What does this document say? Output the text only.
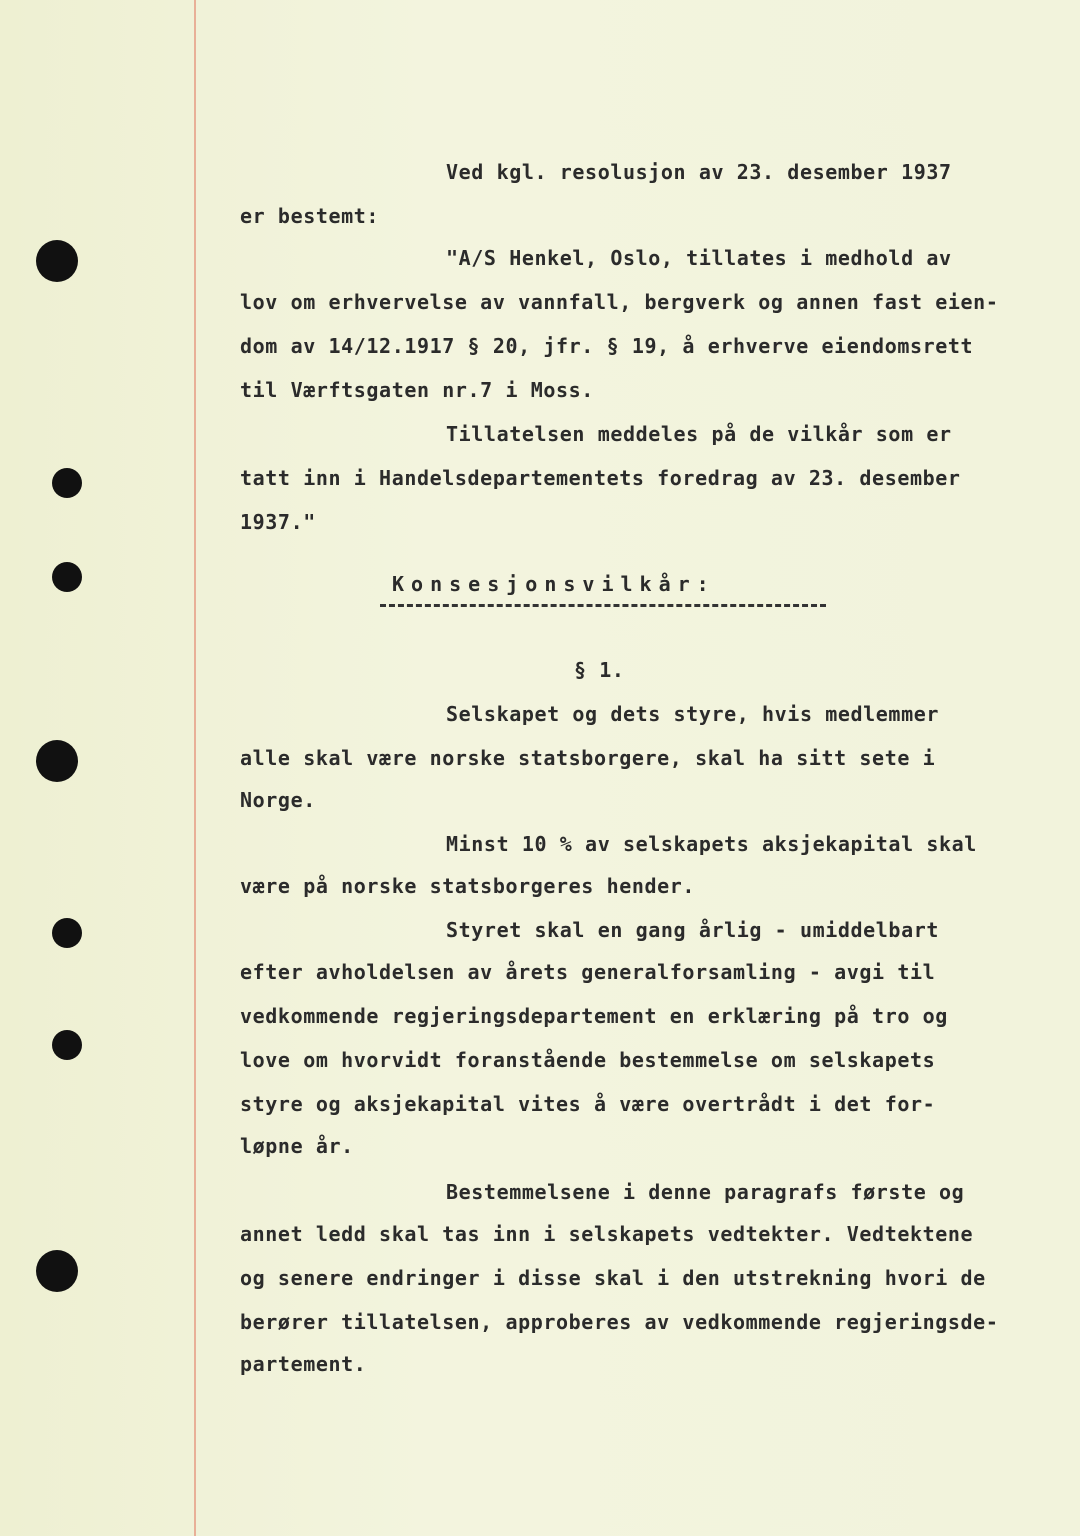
Ved kgl. resolusjon av 23. desember 1937
er bestemt:
"A/S Henkel, Oslo, tillates i medhold av
lov om erhvervelse av vannfall, bergverk og annen fast eien-
dom av 14/12.1917 § 20, jfr. § 19, å erhverve eiendomsrett
til Værftsgaten nr.7 i Moss.
Tillatelsen meddeles på de vilkår som er
tatt inn i Handelsdepartementets foredrag av 23. desember
1937."
Konsesjonsvilkår:
§ 1.
Selskapet og dets styre, hvis medlemmer
alle skal være norske statsborgere, skal ha sitt sete i
Norge.
Minst 10 % av selskapets aksjekapital skal
være på norske statsborgeres hender.
Styret skal en gang årlig - umiddelbart
efter avholdelsen av årets generalforsamling - avgi til
vedkommende regjeringsdepartement en erklæring på tro og
love om hvorvidt foranstående bestemmelse om selskapets
styre og aksjekapital vites å være overtrådt i det for-
løpne år.
Bestemmelsene i denne paragrafs første og
annet ledd skal tas inn i selskapets vedtekter. Vedtektene
og senere endringer i disse skal i den utstrekning hvori de
berører tillatelsen, approberes av vedkommende regjeringsde-
partement.
